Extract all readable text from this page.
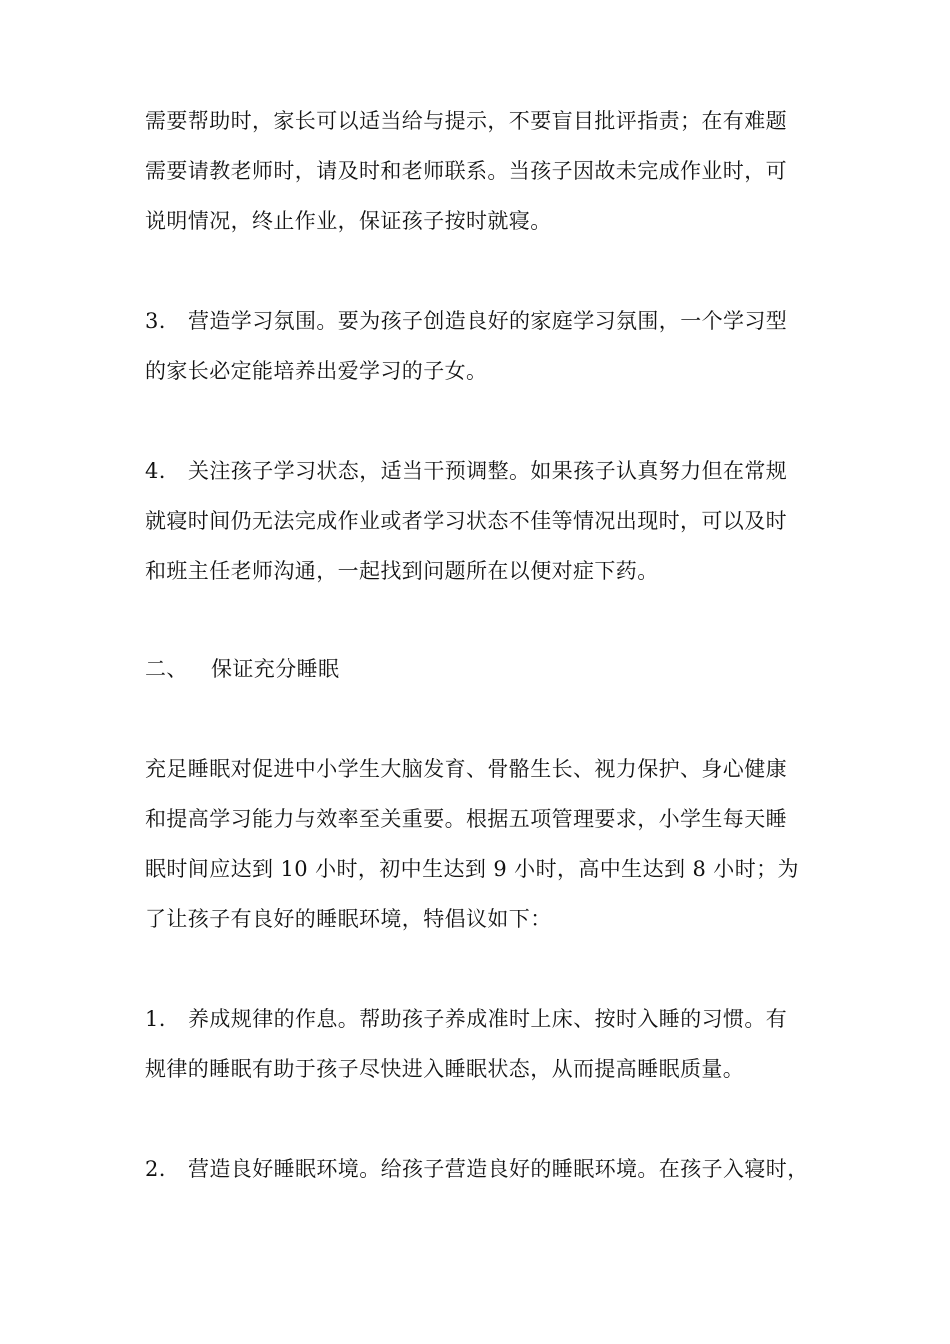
需要帮助时，家长可以适当给与提示，不要盲目批评指责；在有难题
需要请教老师时，请及时和老师联系。当孩子因故未完成作业时，可
说明情况，终止作业，保证孩子按时就寝。
3. 营造学习氛围。要为孩子创造良好的家庭学习氛围，一个学习型
的家长必定能培养出爱学习的子女。
4. 关注孩子学习状态，适当干预调整。如果孩子认真努力但在常规
就寝时间仍无法完成作业或者学习状态不佳等情况出现时，可以及时
和班主任老师沟通，一起找到问题所在以便对症下药。
二、 保证充分睡眠
充足睡眠对促进中小学生大脑发育、骨骼生长、视力保护、身心健康
和提高学习能力与效率至关重要。根据五项管理要求，小学生每天睡
眠时间应达到 10 小时，初中生达到 9 小时，高中生达到 8 小时；为
了让孩子有良好的睡眠环境，特倡议如下：
1. 养成规律的作息。帮助孩子养成准时上床、按时入睡的习惯。有
规律的睡眠有助于孩子尽快进入睡眠状态，从而提高睡眠质量。
2. 营造良好睡眠环境。给孩子营造良好的睡眠环境。在孩子入寝时，
